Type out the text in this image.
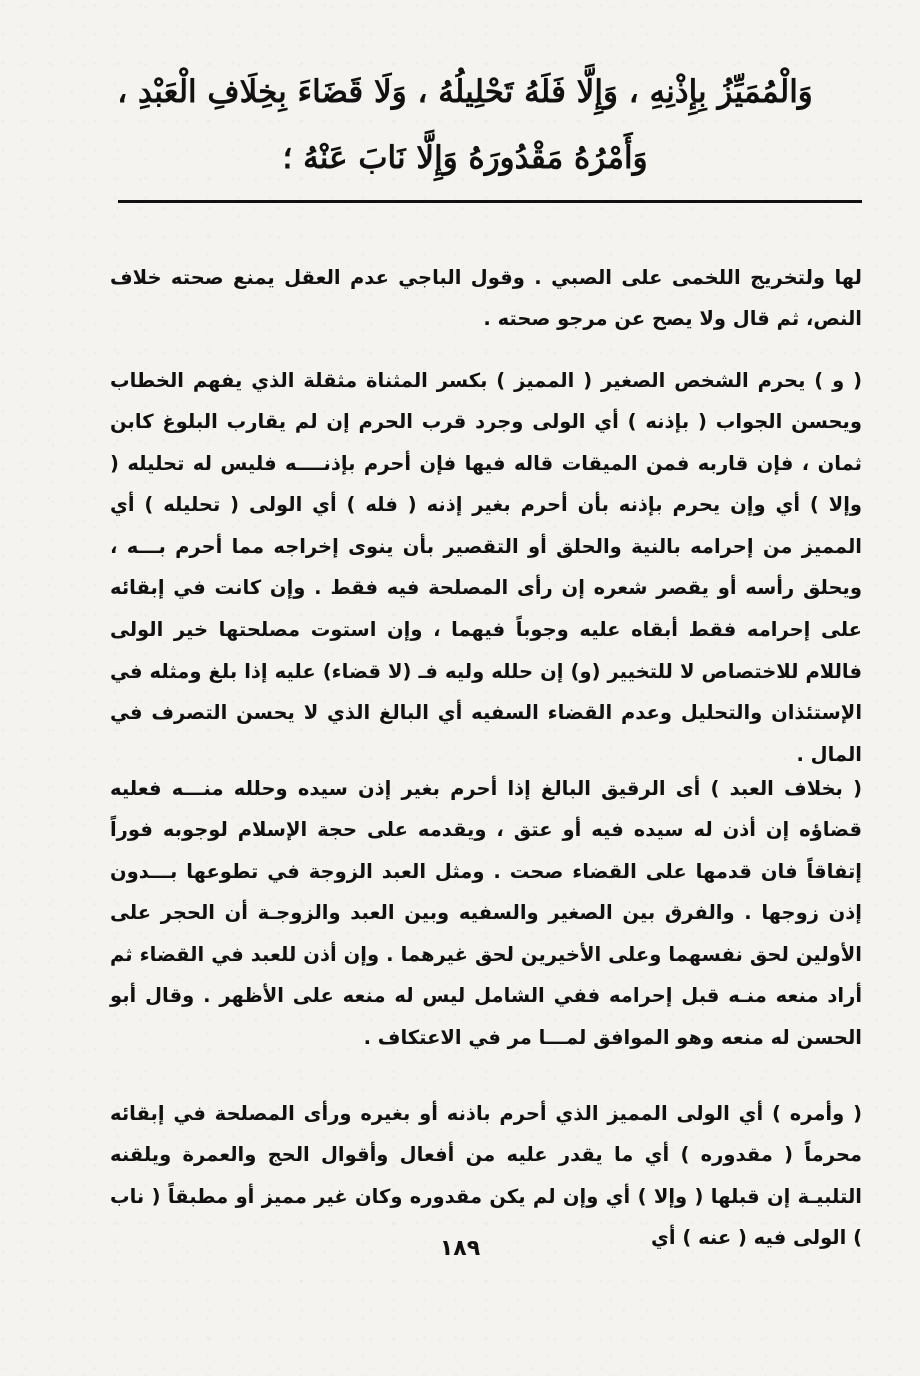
وَالْمُمَيِّزُ بِإِذْنِهِ ، وَإِلَّا فَلَهُ تَحْلِيلُهُ ، وَلَا قَضَاءَ بِخِلَافِ الْعَبْدِ ،
وَأَمْرُهُ مَقْدُورَهُ وَإِلَّا نَابَ عَنْهُ ؛

لها ولتخريج اللخمى على الصبي . وقول الباجي عدم العقل يمنع صحته خلاف النص، ثم قال ولا يصح عن مرجو صحته .

( و ) يحرم الشخص الصغير ( المميز ) بكسر المثناة مثقلة الذي يفهم الخطاب ويحسن الجواب ( بإذنه ) أي الولى وجرد قرب الحرم إن لم يقارب البلوغ كابن ثمان ، فإن قاربه فمن الميقات قاله فيها فإن أحرم بإذنــــه فليس له تحليله ( وإلا ) أي وإن يحرم بإذنه بأن أحرم بغير إذنه ( فله ) أي الولى ( تحليله ) أي المميز من إحرامه بالنية والحلق أو التقصير بأن ينوى إخراجه مما أحرم بـــه ، ويحلق رأسه أو يقصر شعره إن رأى المصلحة فيه فقط . وإن كانت في إبقائه على إحرامه فقط أبقاه عليه وجوباً فيهما ، وإن استوت مصلحتها خير الولى فاللام للاختصاص لا للتخيير (و) إن حلله وليه فـ (لا قضاء) عليه إذا بلغ ومثله في الإستئذان والتحليل وعدم القضاء السفيه أي البالغ الذي لا يحسن التصرف في المال .

( بخلاف العبد ) أى الرقيق البالغ إذا أحرم بغير إذن سيده وحلله منـــه فعليه قضاؤه إن أذن له سيده فيه أو عتق ، ويقدمه على حجة الإسلام لوجوبه فوراً إتفاقاً فان قدمها على القضاء صحت . ومثل العبد الزوجة في تطوعها بـــدون إذن زوجها . والفرق بين الصغير والسفيه وبين العبد والزوجـة أن الحجر على الأولين لحق نفسهما وعلى الأخيرين لحق غيرهما . وإن أذن للعبد في القضاء ثم أراد منعه منـه قبل إحرامه ففي الشامل ليس له منعه على الأظهر . وقال أبو الحسن له منعه وهو الموافق لمـــا مر في الاعتكاف .

( وأمره ) أي الولى المميز الذي أحرم باذنه أو بغيره ورأى المصلحة في إبقائه محرماً ( مقدوره ) أي ما يقدر عليه من أفعال وأقوال الحج والعمرة ويلقنه التلبيـة إن قبلها ( وإلا ) أي وإن لم يكن مقدوره وكان غير مميز أو مطبقاً ( ناب ) الولى فيه ( عنه ) أي

١٨٩
